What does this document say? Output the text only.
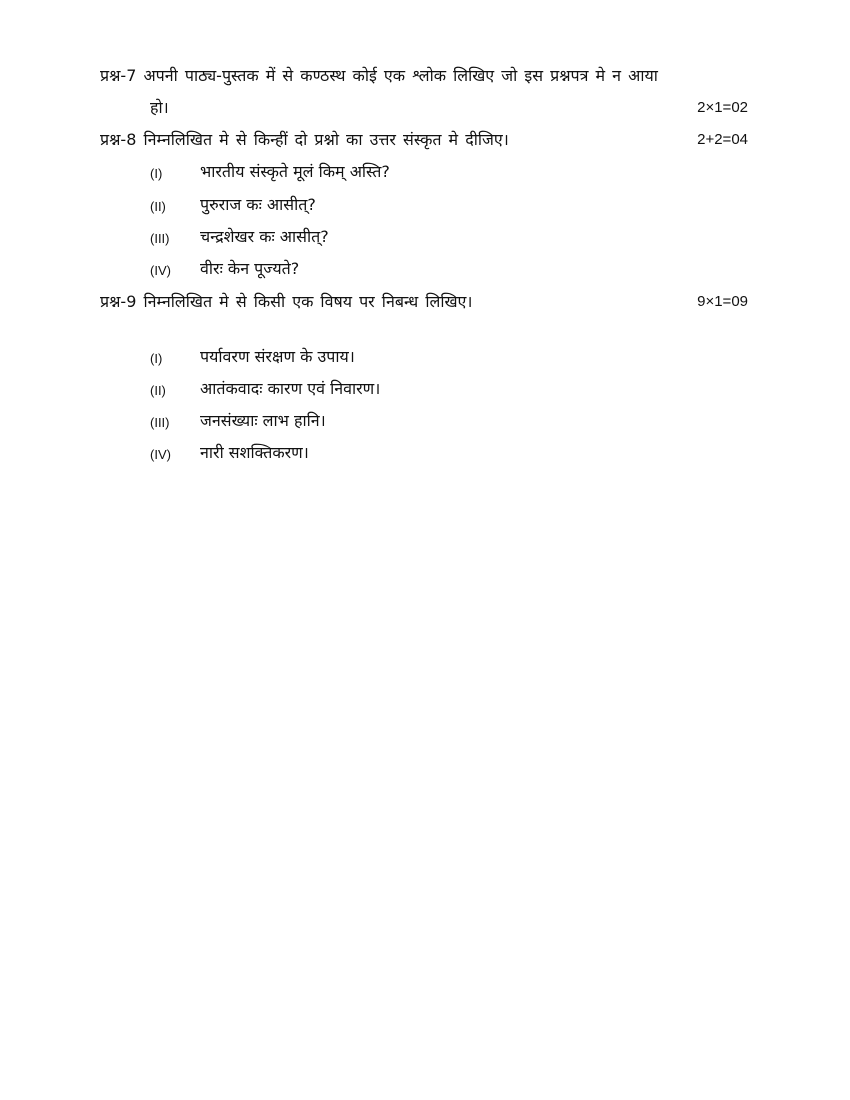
प्रश्न-7 अपनी पाठ्य-पुस्तक में से कण्ठस्थ कोई एक श्लोक लिखिए जो इस प्रश्नपत्र मे न आया
हो।	2×1=02
प्रश्न-8 निम्नलिखित मे से किन्हीं दो प्रश्नो का उत्तर संस्कृत मे दीजिए।	2+2=04
(I) भारतीय संस्कृते मूलं किम् अस्ति?
(II) पुरुराज कः आसीत्?
(III) चन्द्रशेखर कः आसीत्?
(IV) वीरः केन पूज्यते?
प्रश्न-9 निम्नलिखित मे से किसी एक विषय पर निबन्ध लिखिए।	9×1=09
(I) पर्यावरण संरक्षण के उपाय।
(II) आतंकवादः कारण एवं निवारण।
(III) जनसंख्याः लाभ हानि।
(IV) नारी सशक्तिकरण।
